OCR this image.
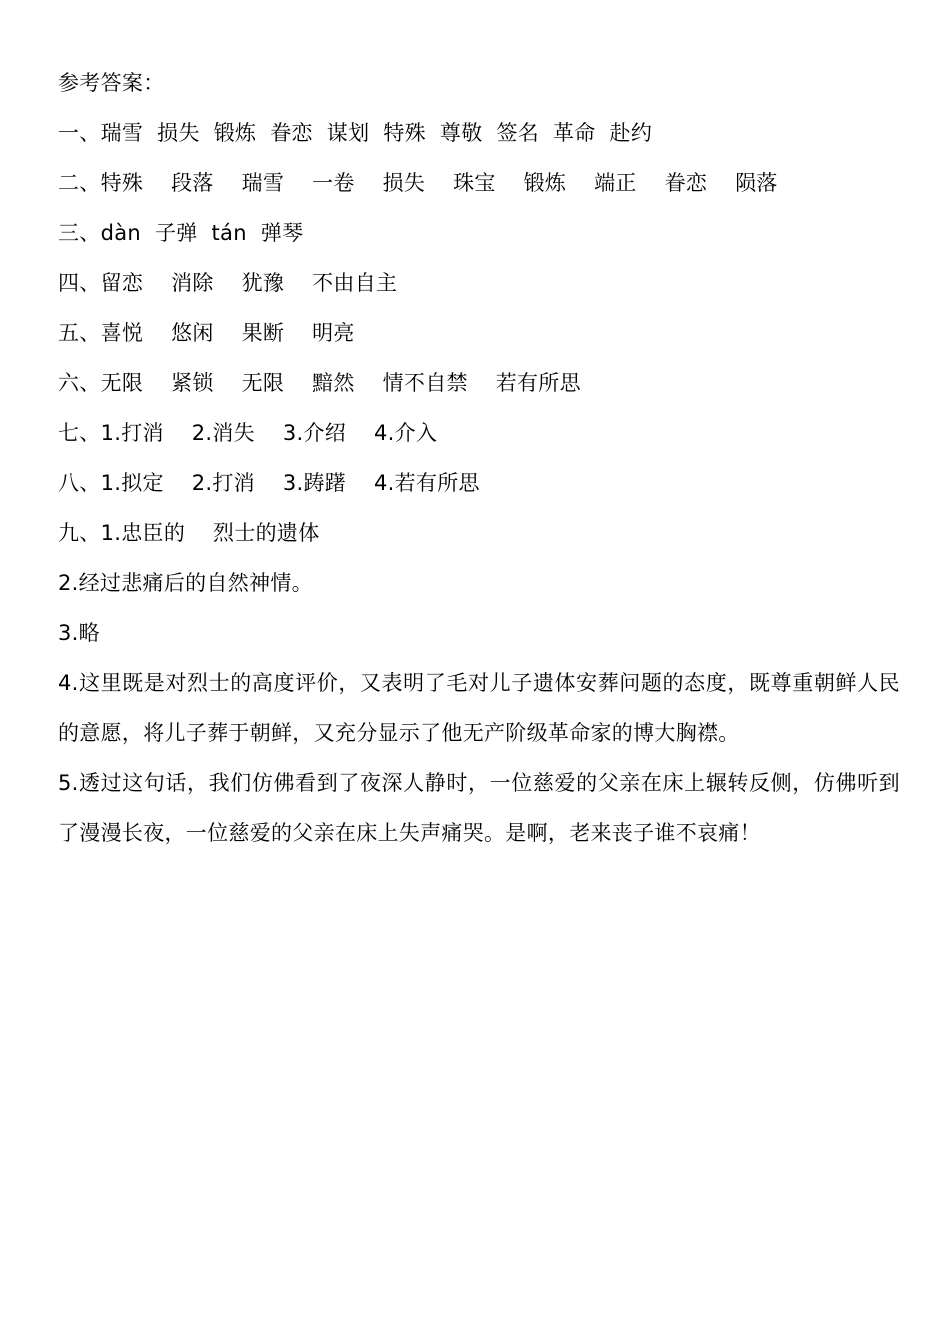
参考答案：
一、瑞雪  损失  锻炼  眷恋  谋划  特殊  尊敬  签名  革命  赴约
二、特殊    段落    瑞雪    一卷    损失    珠宝    锻炼    端正    眷恋    陨落
三、dàn  子弹  tán  弹琴
四、留恋    消除    犹豫    不由自主
五、喜悦    悠闲    果断    明亮
六、无限    紧锁    无限    黯然    情不自禁    若有所思
七、1.打消    2.消失    3.介绍    4.介入
八、1.拟定    2.打消    3.踌躇    4.若有所思
九、1.忠臣的    烈士的遗体
2.经过悲痛后的自然神情。
3.略
4.这里既是对烈士的高度评价，又表明了毛对儿子遗体安葬问题的态度，既尊重朝鲜人民的意愿，将儿子葬于朝鲜，又充分显示了他无产阶级革命家的博大胸襟。
5.透过这句话，我们仿佛看到了夜深人静时，一位慈爱的父亲在床上辗转反侧，仿佛听到了漫漫长夜，一位慈爱的父亲在床上失声痛哭。是啊，老来丧子谁不哀痛！
